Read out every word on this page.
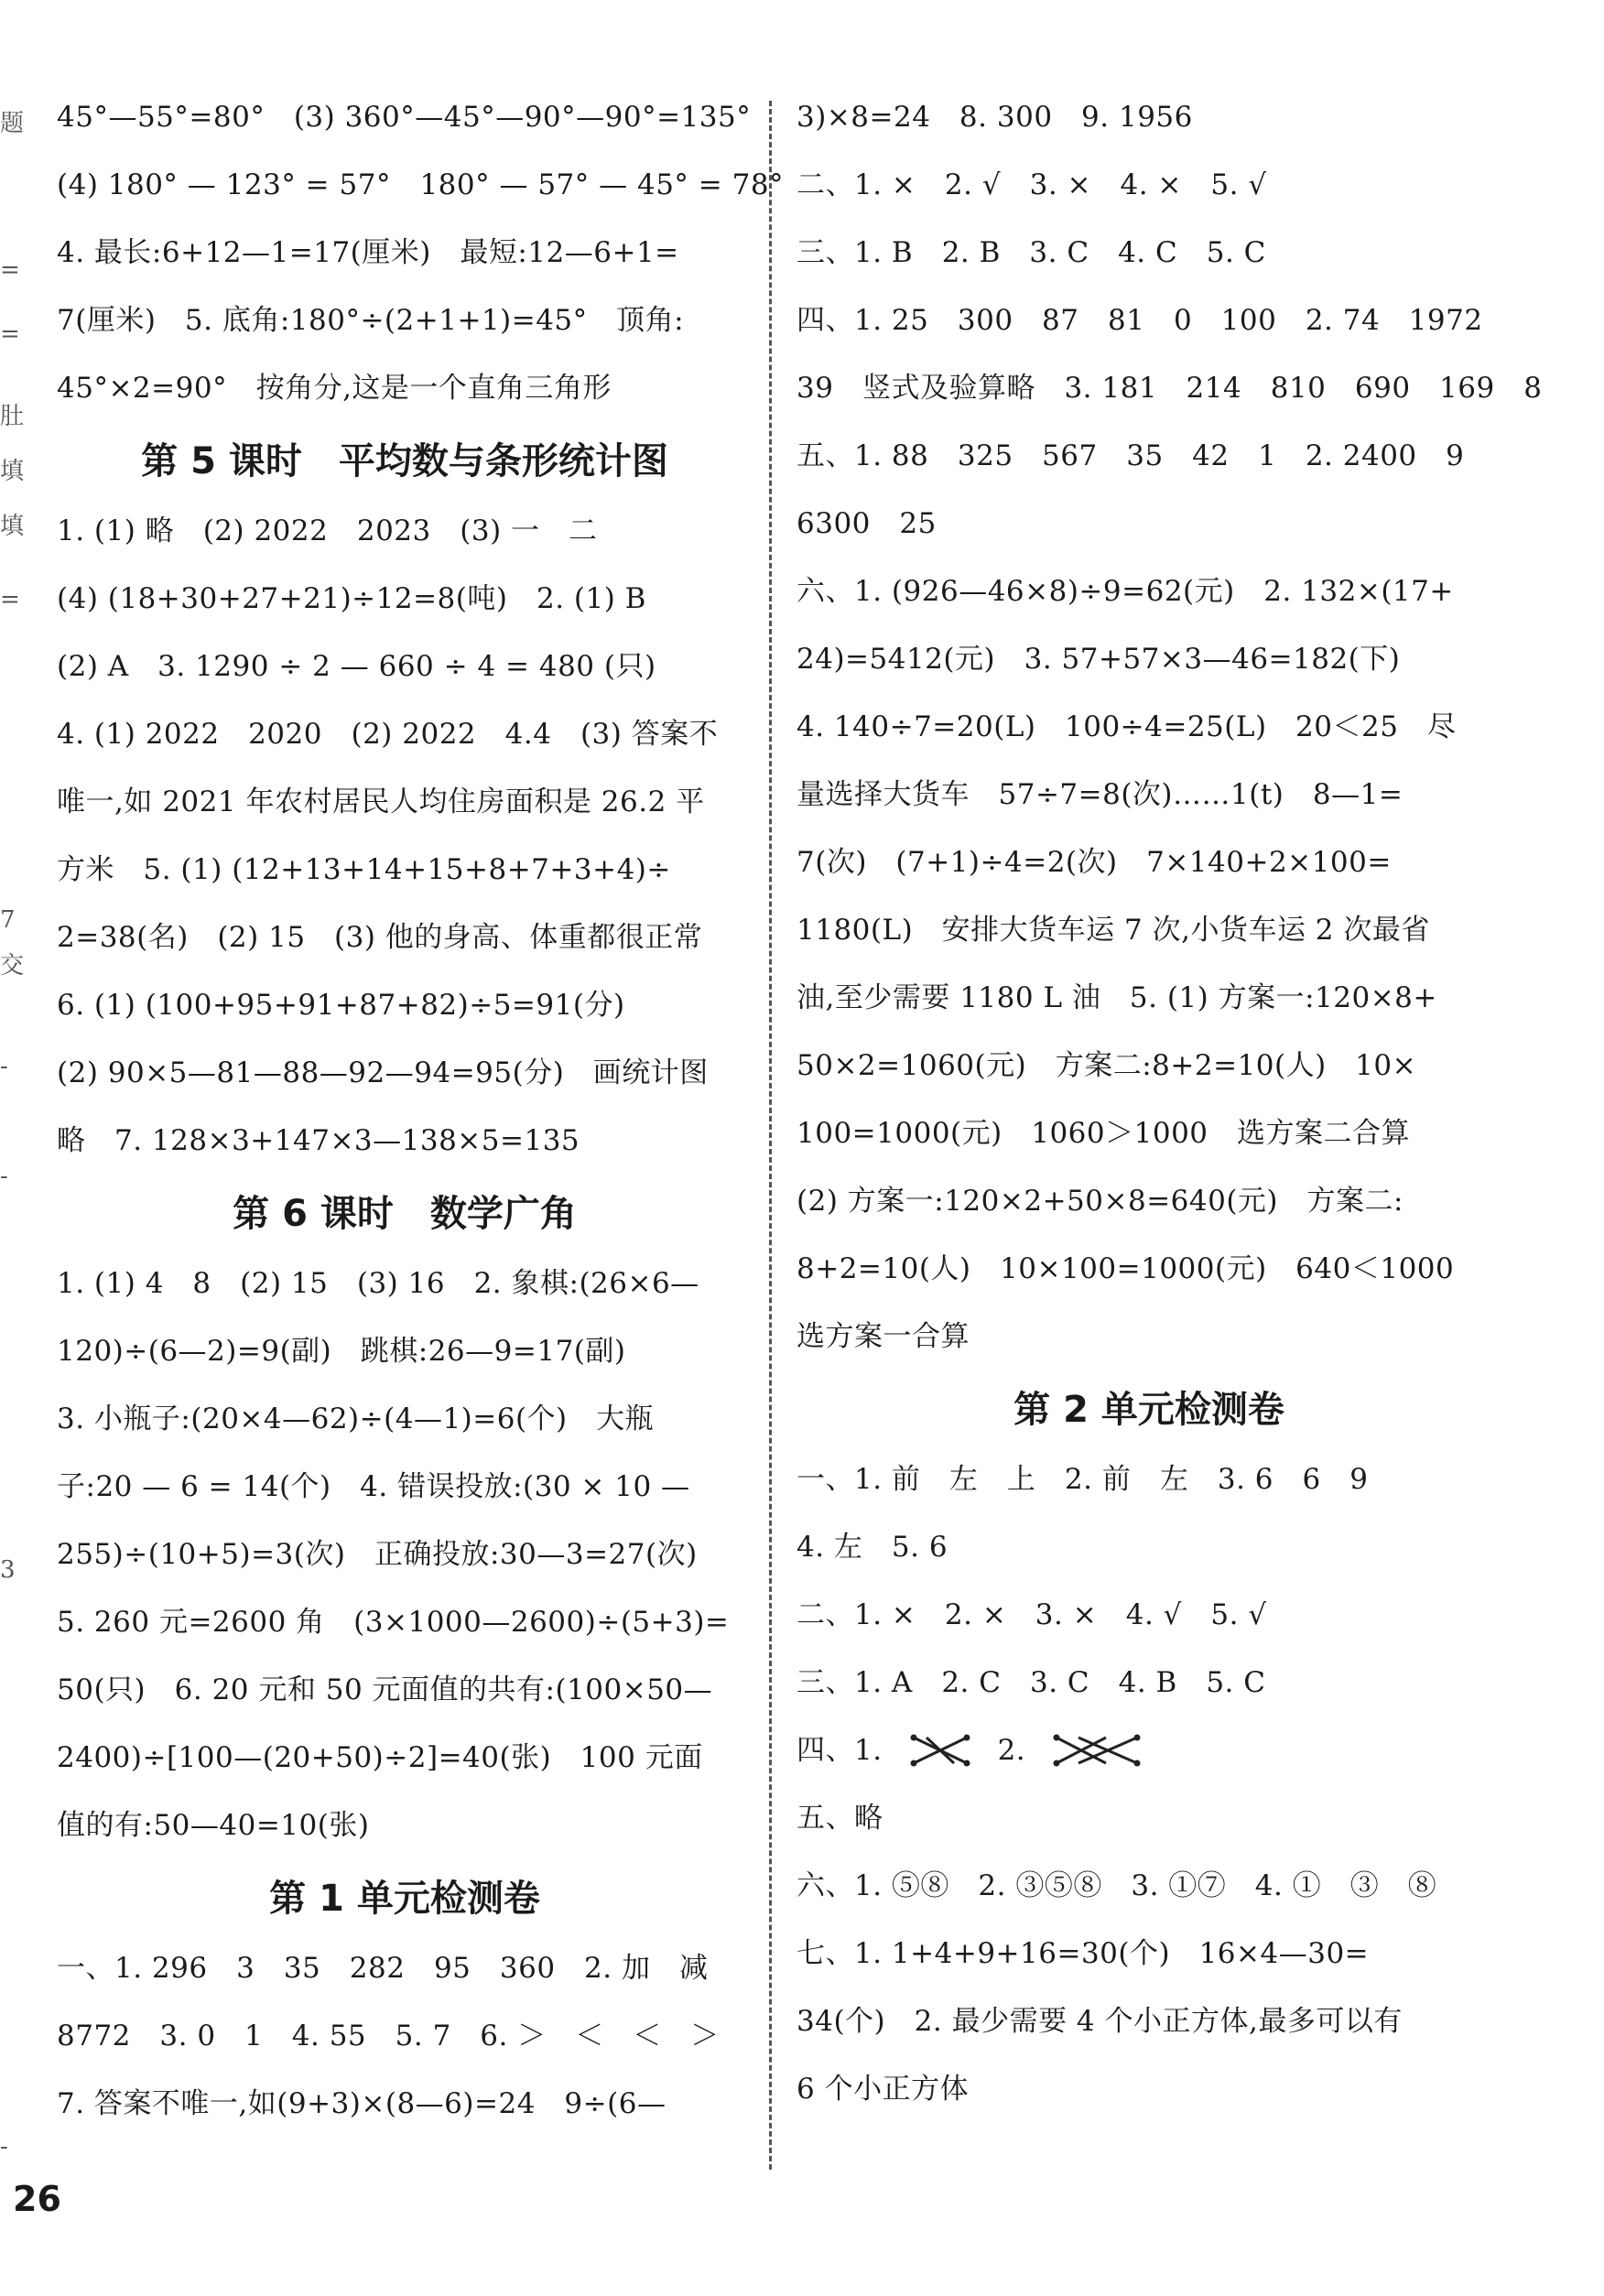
题
=
=
肚
填
填
=
7
交
-
-
3
-
45°—55°=80°　(3) 360°—45°—90°—90°=135°
(4) 180° — 123° = 57°　180° — 57° — 45° = 78°
4. 最长:6+12—1=17(厘米)　最短:12—6+1=
7(厘米)　5. 底角:180°÷(2+1+1)=45°　顶角:
45°×2=90°　按角分,这是一个直角三角形
第 5 课时　平均数与条形统计图
1. (1) 略　(2) 2022　2023　(3) 一　二
(4) (18+30+27+21)÷12=8(吨)　2. (1) B
(2) A　3. 1290 ÷ 2 — 660 ÷ 4 = 480 (只)
4. (1) 2022　2020　(2) 2022　4.4　(3) 答案不
唯一,如 2021 年农村居民人均住房面积是 26.2 平
方米　5. (1) (12+13+14+15+8+7+3+4)÷
2=38(名)　(2) 15　(3) 他的身高、体重都很正常
6. (1) (100+95+91+87+82)÷5=91(分)
(2) 90×5—81—88—92—94=95(分)　画统计图
略　7. 128×3+147×3—138×5=135
第 6 课时　数学广角
1. (1) 4　8　(2) 15　(3) 16　2. 象棋:(26×6—
120)÷(6—2)=9(副)　跳棋:26—9=17(副)
3. 小瓶子:(20×4—62)÷(4—1)=6(个)　大瓶
子:20 — 6 = 14(个)　4. 错误投放:(30 × 10 —
255)÷(10+5)=3(次)　正确投放:30—3=27(次)
5. 260 元=2600 角　(3×1000—2600)÷(5+3)=
50(只)　6. 20 元和 50 元面值的共有:(100×50—
2400)÷[100—(20+50)÷2]=40(张)　100 元面
值的有:50—40=10(张)
第 1 单元检测卷
一、1. 296　3　35　282　95　360　2. 加　减
8772　3. 0　1　4. 55　5. 7　6. ＞　＜　＜　＞
7. 答案不唯一,如(9+3)×(8—6)=24　9÷(6—
3)×8=24　8. 300　9. 1956
二、1. ×　2. √　3. ×　4. ×　5. √
三、1. B　2. B　3. C　4. C　5. C
四、1. 25　300　87　81　0　100　2. 74　1972
39　竖式及验算略　3. 181　214　810　690　169　8
五、1. 88　325　567　35　42　1　2. 2400　9
6300　25
六、1. (926—46×8)÷9=62(元)　2. 132×(17+
24)=5412(元)　3. 57+57×3—46=182(下)
4. 140÷7=20(L)　100÷4=25(L)　20＜25　尽
量选择大货车　57÷7=8(次)……1(t)　8—1=
7(次)　(7+1)÷4=2(次)　7×140+2×100=
1180(L)　安排大货车运 7 次,小货车运 2 次最省
油,至少需要 1180 L 油　5. (1) 方案一:120×8+
50×2=1060(元)　方案二:8+2=10(人)　10×
100=1000(元)　1060＞1000　选方案二合算
(2) 方案一:120×2+50×8=640(元)　方案二:
8+2=10(人)　10×100=1000(元)　640＜1000
选方案一合算
第 2 单元检测卷
一、1. 前　左　上　2. 前　左　3. 6　6　9
4. 左　5. 6
二、1. ×　2. ×　3. ×　4. √　5. √
三、1. A　2. C　3. C　4. B　5. C
四、1.	2.
五、略
六、1. ⑤⑧　2. ③⑤⑧　3. ①⑦　4. ①　③　⑧
七、1. 1+4+9+16=30(个)　16×4—30=
34(个)　2. 最少需要 4 个小正方体,最多可以有
6 个小正方体
26
